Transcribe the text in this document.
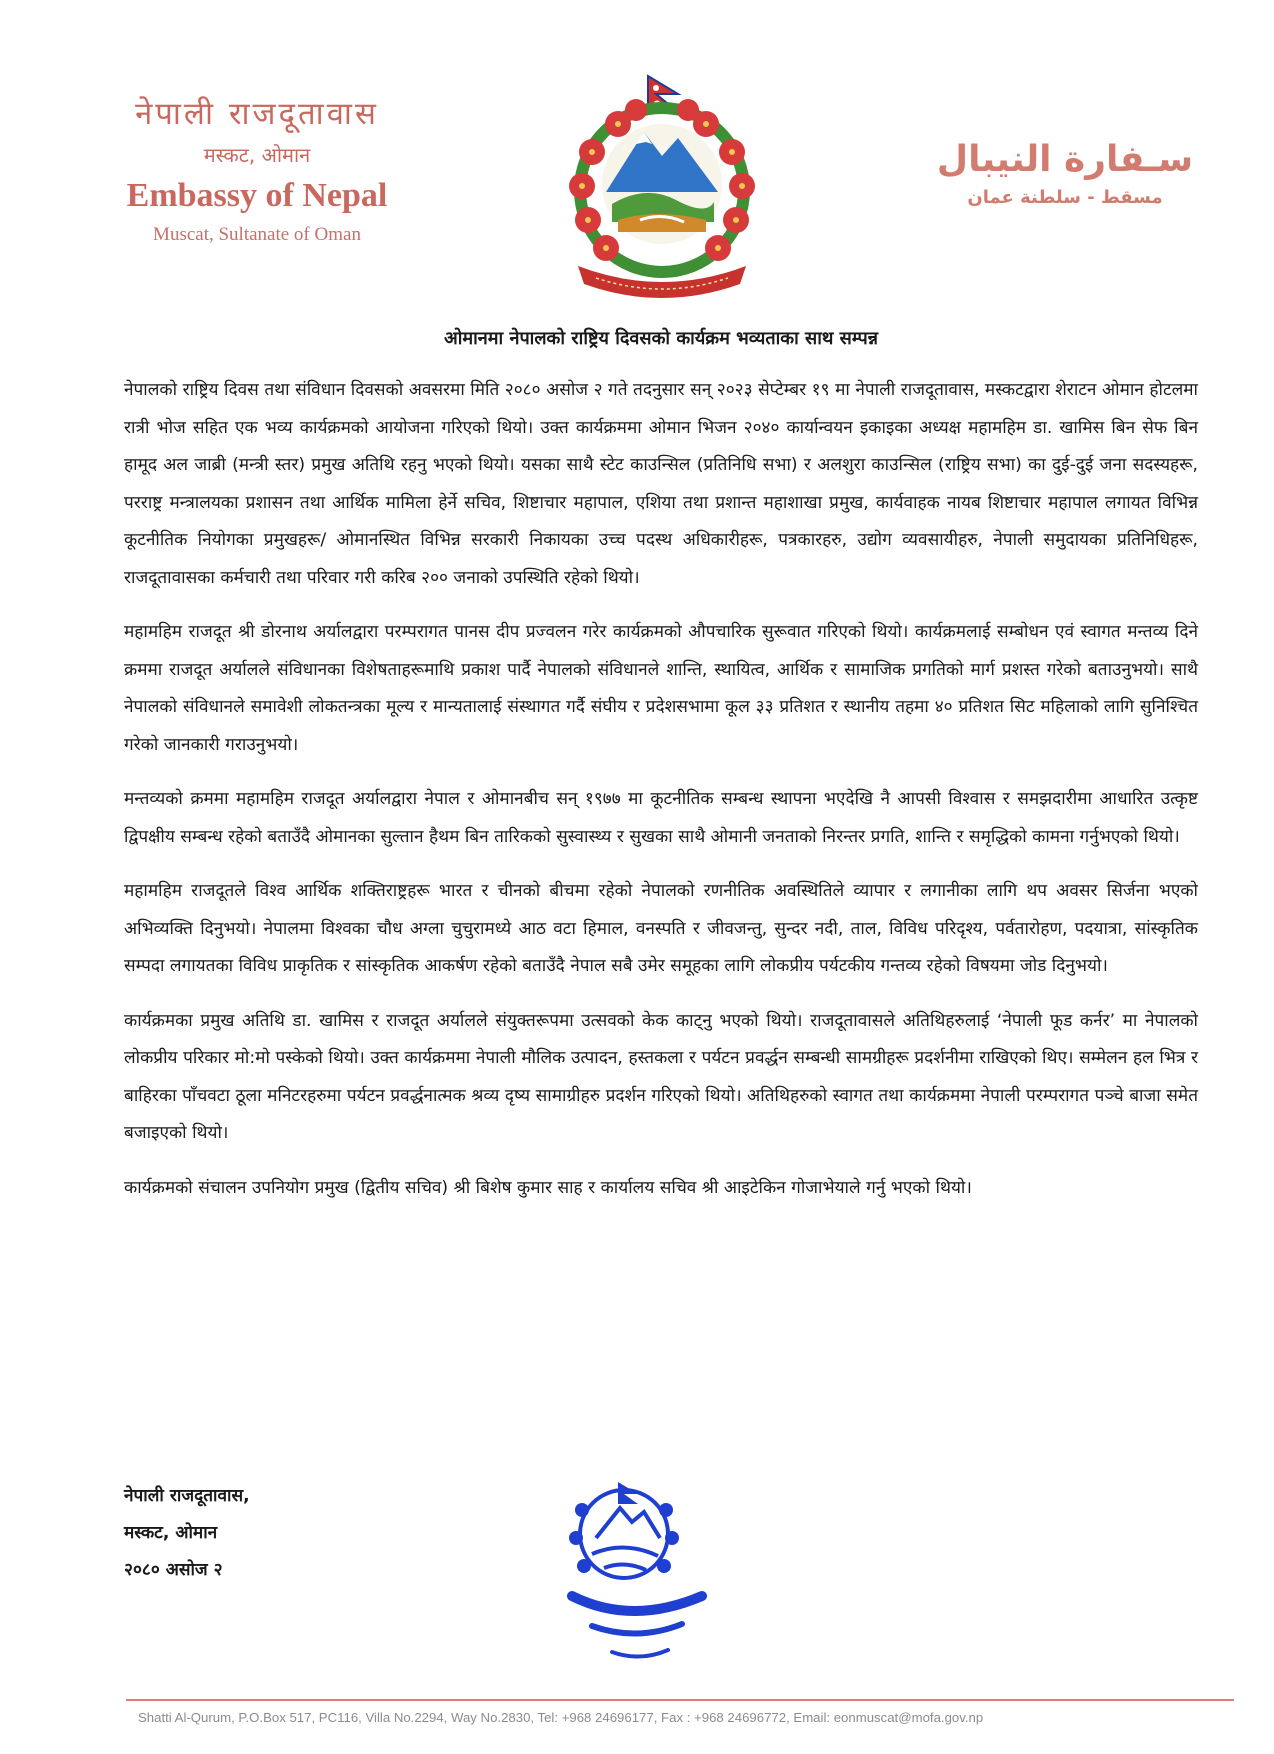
नेपाली राजदूतावास
मस्कट, ओमान
Embassy of Nepal
Muscat, Sultanate of Oman
سـفارة النيبال
مسقط - سلطنة عمان
ओमानमा नेपालको राष्ट्रिय दिवसको कार्यक्रम भव्यताका साथ सम्पन्न

नेपालको राष्ट्रिय दिवस तथा संविधान दिवसको अवसरमा मिति २०८० असोज २ गते तदनुसार सन् २०२३ सेप्टेम्बर १९ मा नेपाली राजदूतावास, मस्कटद्वारा शेराटन ओमान होटलमा रात्री भोज सहित एक भव्य कार्यक्रमको आयोजना गरिएको थियो। उक्त कार्यक्रममा ओमान भिजन २०४० कार्यान्वयन इकाइका अध्यक्ष महामहिम डा. खामिस बिन सेफ बिन हामूद अल जाब्री (मन्त्री स्तर) प्रमुख अतिथि रहनु भएको थियो। यसका साथै स्टेट काउन्सिल (प्रतिनिधि सभा) र अलशुरा काउन्सिल (राष्ट्रिय सभा) का दुई-दुई जना सदस्यहरू, परराष्ट्र मन्त्रालयका प्रशासन तथा आर्थिक मामिला हेर्ने सचिव, शिष्टाचार महापाल, एशिया तथा प्रशान्त महाशाखा प्रमुख, कार्यवाहक नायब शिष्टाचार महापाल लगायत विभिन्न कूटनीतिक नियोगका प्रमुखहरू/ ओमानस्थित विभिन्न सरकारी निकायका उच्च पदस्थ अधिकारीहरू, पत्रकारहरु, उद्योग व्यवसायीहरु, नेपाली समुदायका प्रतिनिधिहरू, राजदूतावासका कर्मचारी तथा परिवार गरी करिब २०० जनाको उपस्थिति रहेको थियो।

महामहिम राजदूत श्री डोरनाथ अर्यालद्वारा परम्परागत पानस दीप प्रज्वलन गरेर कार्यक्रमको औपचारिक सुरूवात गरिएको थियो। कार्यक्रमलाई सम्बोधन एवं स्वागत मन्तव्य दिने क्रममा राजदूत अर्यालले संविधानका विशेषताहरूमाथि प्रकाश पार्दै नेपालको संविधानले शान्ति, स्थायित्व, आर्थिक र सामाजिक प्रगतिको मार्ग प्रशस्त गरेको बताउनुभयो। साथै नेपालको संविधानले समावेशी लोकतन्त्रका मूल्य र मान्यतालाई संस्थागत गर्दै संघीय र प्रदेशसभामा कूल ३३ प्रतिशत र स्थानीय तहमा ४० प्रतिशत सिट महिलाको लागि सुनिश्चित गरेको जानकारी गराउनुभयो।

मन्तव्यको क्रममा महामहिम राजदूत अर्यालद्वारा नेपाल र ओमानबीच सन् १९७७ मा कूटनीतिक सम्बन्ध स्थापना भएदेखि नै आपसी विश्वास र समझदारीमा आधारित उत्कृष्ट द्विपक्षीय सम्बन्ध रहेको बताउँदै ओमानका सुल्तान हैथम बिन तारिकको सुस्वास्थ्य र सुखका साथै ओमानी जनताको निरन्तर प्रगति, शान्ति र समृद्धिको कामना गर्नुभएको थियो।

महामहिम राजदूतले विश्व आर्थिक शक्तिराष्ट्रहरू भारत र चीनको बीचमा रहेको नेपालको रणनीतिक अवस्थितिले व्यापार र लगानीका लागि थप अवसर सिर्जना भएको अभिव्यक्ति दिनुभयो। नेपालमा विश्वका चौध अग्ला चुचुरामध्ये आठ वटा हिमाल, वनस्पति र जीवजन्तु, सुन्दर नदी, ताल, विविध परिदृश्य, पर्वतारोहण, पदयात्रा, सांस्कृतिक सम्पदा लगायतका विविध प्राकृतिक र सांस्कृतिक आकर्षण रहेको बताउँदै नेपाल सबै उमेर समूहका लागि लोकप्रीय पर्यटकीय गन्तव्य रहेको विषयमा जोड दिनुभयो।

कार्यक्रमका प्रमुख अतिथि डा. खामिस र राजदूत अर्यालले संयुक्तरूपमा उत्सवको केक काट्नु भएको थियो। राजदूतावासले अतिथिहरुलाई ‘नेपाली फूड कर्नर’ मा नेपालको लोकप्रीय परिकार मो:मो पस्केको थियो। उक्त कार्यक्रममा नेपाली मौलिक उत्पादन, हस्तकला र पर्यटन प्रवर्द्धन सम्बन्धी सामग्रीहरू प्रदर्शनीमा राखिएको थिए। सम्मेलन हल भित्र र बाहिरका पाँचवटा ठूला मनिटरहरुमा पर्यटन प्रवर्द्धनात्मक श्रव्य दृष्य सामाग्रीहरु प्रदर्शन गरिएको थियो। अतिथिहरुको स्वागत तथा कार्यक्रममा नेपाली परम्परागत पञ्चे बाजा समेत बजाइएको थियो।

कार्यक्रमको संचालन उपनियोग प्रमुख (द्वितीय सचिव) श्री बिशेष कुमार साह र कार्यालय सचिव श्री आइटेकिन गोजाभेयाले गर्नु भएको थियो।

नेपाली राजदूतावास,
मस्कट, ओमान
२०८० असोज २
Shatti Al-Qurum, P.O.Box 517, PC116, Villa No.2294, Way No.2830, Tel: +968 24696177, Fax : +968 24696772, Email: eonmuscat@mofa.gov.np
